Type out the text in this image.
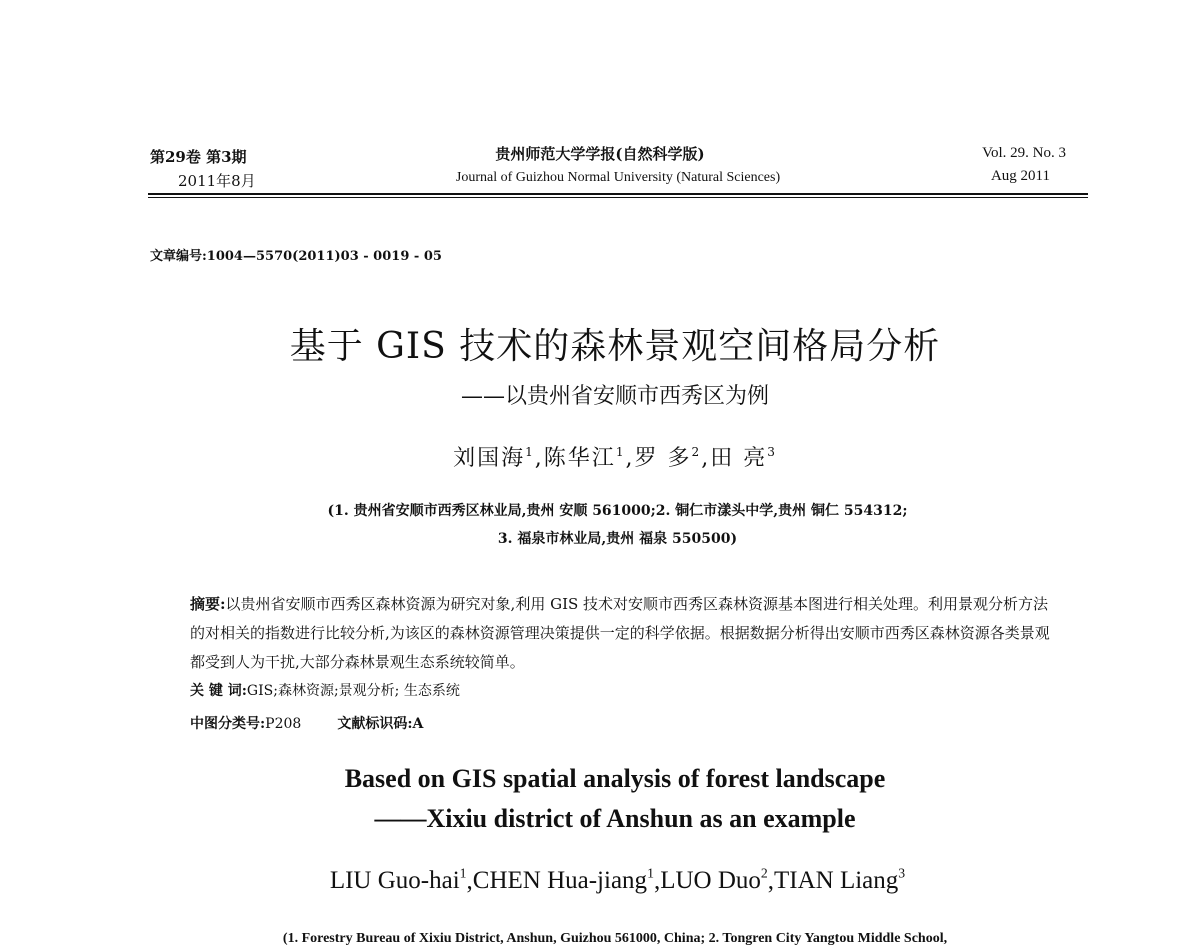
第29卷 第3期
2011年8月
贵州师范大学学报(自然科学版)
Journal of Guizhou Normal University (Natural Sciences)
Vol. 29. No. 3
Aug 2011
文章编号:1004—5570(2011)03 - 0019 - 05
基于 GIS 技术的森林景观空间格局分析
——以贵州省安顺市西秀区为例
刘国海$^1$,陈华江$^1$,罗 多$^2$,田 亮$^3$
(1. 贵州省安顺市西秀区林业局,贵州 安顺 561000;2. 铜仁市漾头中学,贵州 铜仁 554312;
3. 福泉市林业局,贵州 福泉 550500)
摘要:以贵州省安顺市西秀区森林资源为研究对象,利用 GIS 技术对安顺市西秀区森林资源基本图进行相关处理。利用景观分析方法的对相关的指数进行比较分析,为该区的森林资源管理决策提供一定的科学依据。根据数据分析得出安顺市西秀区森林资源各类景观都受到人为干扰,大部分森林景观生态系统较简单。
关 键 词:GIS;森林资源;景观分析; 生态系统
中图分类号:P208	文献标识码:A
Based on GIS spatial analysis of forest landscape
——Xixiu district of Anshun as an example
LIU Guo-hai$^1$,CHEN Hua-jiang$^1$,LUO Duo$^2$,TIAN Liang$^3$
(1. Forestry Bureau of Xixiu District, Anshun, Guizhou 561000, China; 2. Tongren City Yangtou Middle School,
